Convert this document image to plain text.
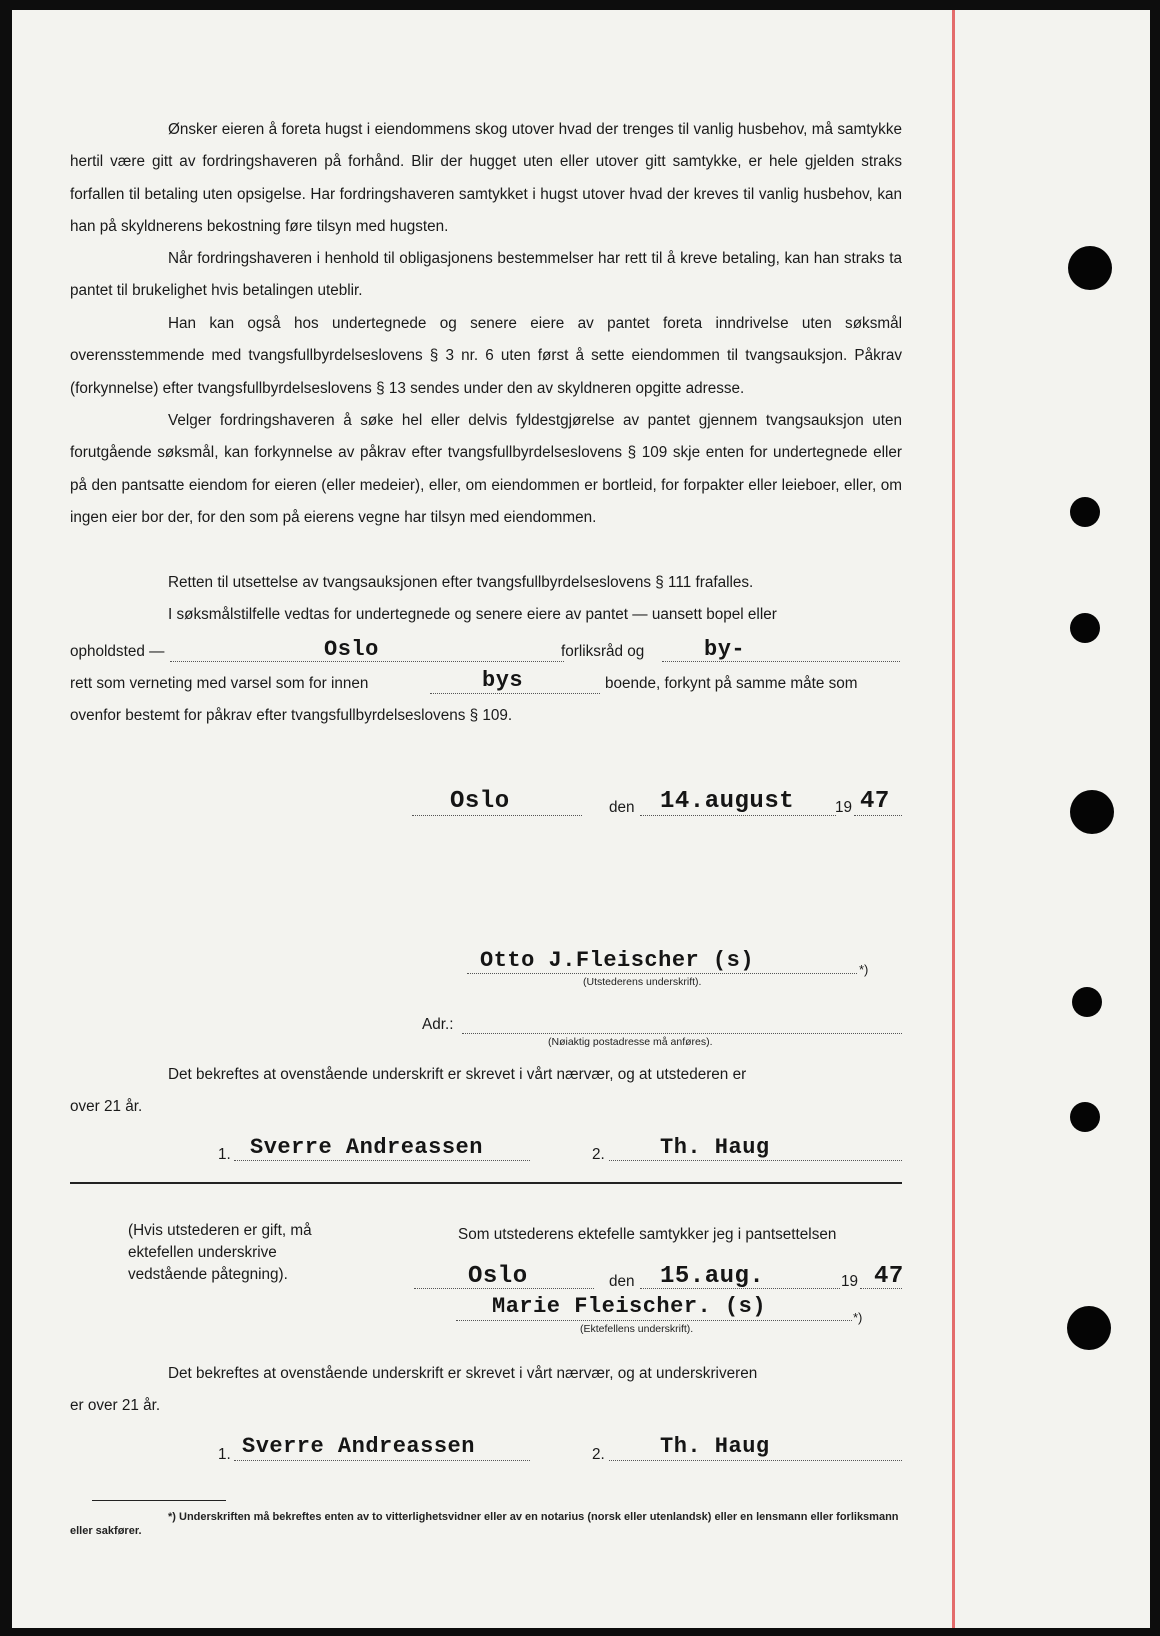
Ønsker eieren å foreta hugst i eiendommens skog utover hvad der trenges til vanlig husbehov, må samtykke hertil være gitt av fordringshaveren på forhånd. Blir der hugget uten eller utover gitt samtykke, er hele gjelden straks forfallen til betaling uten opsigelse. Har fordringshaveren samtykket i hugst utover hvad der kreves til vanlig husbehov, kan han på skyldnerens bekostning føre tilsyn med hugsten.

Når fordringshaveren i henhold til obligasjonens bestemmelser har rett til å kreve betaling, kan han straks ta pantet til brukelighet hvis betalingen uteblir.

Han kan også hos undertegnede og senere eiere av pantet foreta inndrivelse uten søksmål overensstemmende med tvangsfullbyrdelseslovens § 3 nr. 6 uten først å sette eiendommen til tvangsauksjon. Påkrav (forkynnelse) efter tvangsfullbyrdelseslovens § 13 sendes under den av skyldneren opgitte adresse.

Velger fordringshaveren å søke hel eller delvis fyldestgjørelse av pantet gjennem tvangsauksjon uten forutgående søksmål, kan forkynnelse av påkrav efter tvangsfullbyrdelseslovens § 109 skje enten for undertegnede eller på den pantsatte eiendom for eieren (eller medeier), eller, om eiendommen er bortleid, for forpakter eller leieboer, eller, om ingen eier bor der, for den som på eierens vegne har tilsyn med eiendommen.

Retten til utsettelse av tvangsauksjonen efter tvangsfullbyrdelseslovens § 111 frafalles.

I søksmålstilfelle vedtas for undertegnede og senere eiere av pantet — uansett bopel eller

opholdsted —	Oslo	forliksråd og	by-
rett som verneting med varsel som for innen	bys	boende, forkynt på samme måte som
ovenfor bestemt for påkrav efter tvangsfullbyrdelseslovens § 109.
Oslo	den 14.august	19 47
Otto J.Fleischer (s)	*)
(Utstederens underskrift).
Adr.:
(Nøiaktig postadresse må anføres).
Det bekreftes at ovenstående underskrift er skrevet i vårt nærvær, og at utstederen er
over 21 år.
1. Sverre Andreassen	2.	Th. Haug
(Hvis utstederen er gift, må ektefellen underskrive vedstående påtegning).
Som utstederens ektefelle samtykker jeg i pantsettelsen
Oslo	den 15.aug.	19 47
Marie Fleischer. (s)	*)
(Ektefellens underskrift).
Det bekreftes at ovenstående underskrift er skrevet i vårt nærvær, og at underskriveren
er over 21 år.
1. Sverre Andreassen	2.	Th. Haug
*) Underskriften må bekreftes enten av to vitterlighetsvidner eller av en notarius (norsk eller utenlandsk) eller en lensmann eller forliksmann eller sakfører.
